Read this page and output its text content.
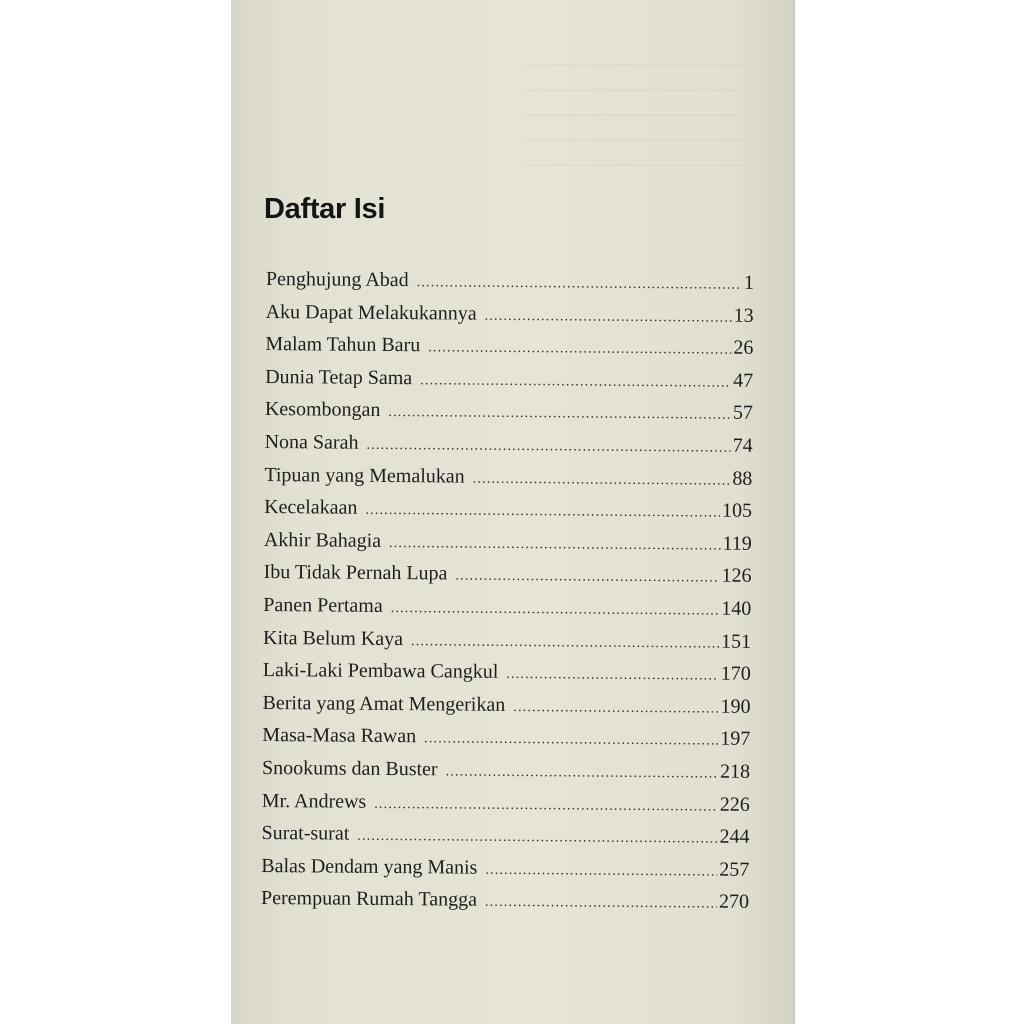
Daftar Isi
Penghujung Abad .....	1
Aku Dapat Melakukannya .....	13
Malam Tahun Baru .....	26
Dunia Tetap Sama .....	47
Kesombongan .....	57
Nona Sarah .....	74
Tipuan yang Memalukan .....	88
Kecelakaan .....	105
Akhir Bahagia .....	119
Ibu Tidak Pernah Lupa .....	126
Panen Pertama .....	140
Kita Belum Kaya .....	151
Laki-Laki Pembawa Cangkul .....	170
Berita yang Amat Mengerikan .....	190
Masa-Masa Rawan .....	197
Snookums dan Buster .....	218
Mr. Andrews .....	226
Surat-surat .....	244
Balas Dendam yang Manis .....	257
Perempuan Rumah Tangga .....	270
